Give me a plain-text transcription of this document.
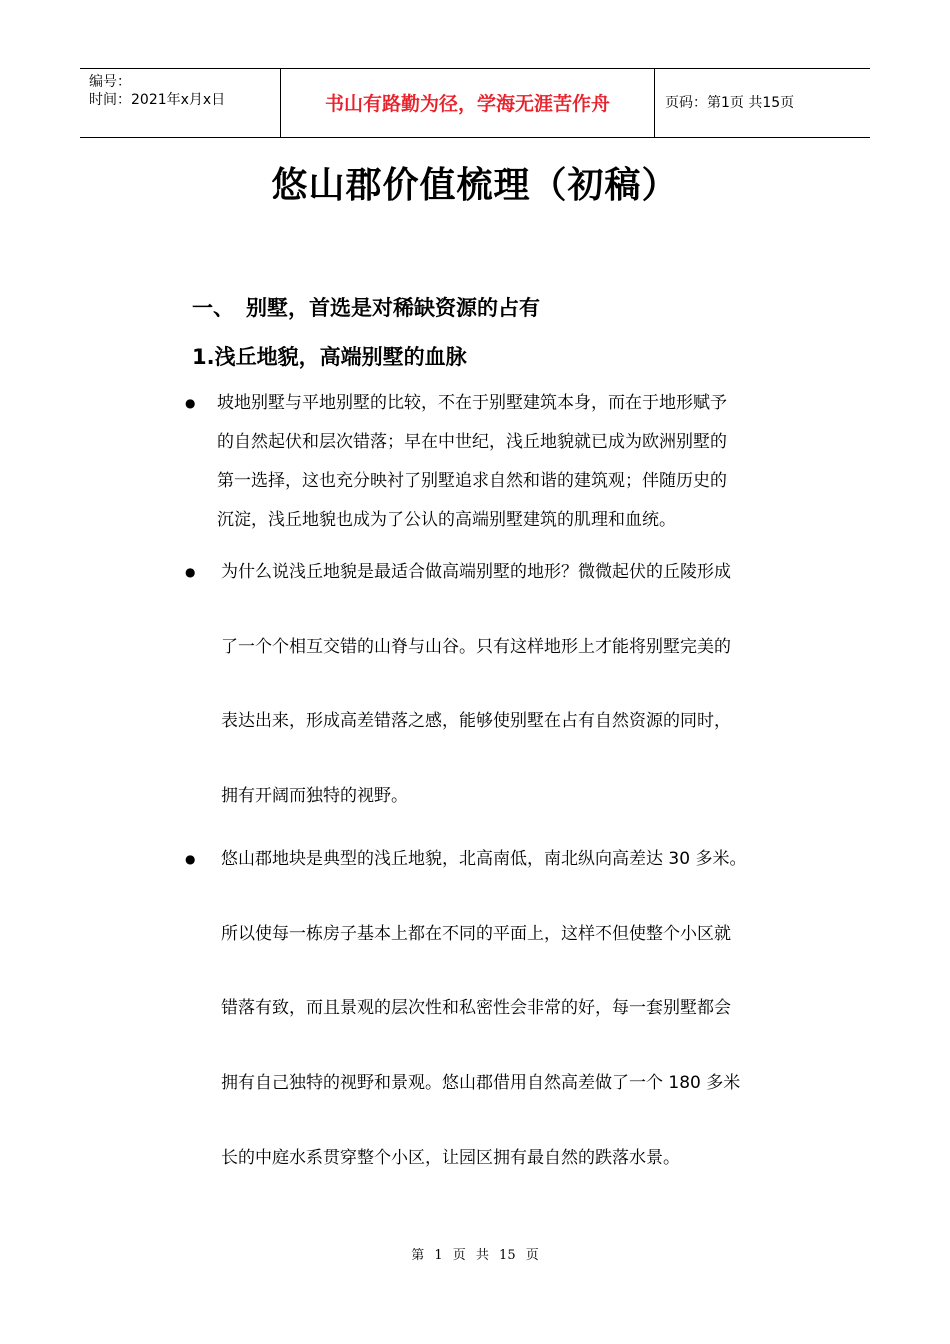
编号：
时间：2021年x月x日	书山有路勤为径，学海无涯苦作舟	页码：第1页 共15页
悠山郡价值梳理（初稿）
一、 别墅，首选是对稀缺资源的占有
1.浅丘地貌，高端别墅的血脉
● 坡地别墅与平地别墅的比较，不在于别墅建筑本身，而在于地形赋予
的自然起伏和层次错落；早在中世纪，浅丘地貌就已成为欧洲别墅的
第一选择，这也充分映衬了别墅追求自然和谐的建筑观；伴随历史的
沉淀，浅丘地貌也成为了公认的高端别墅建筑的肌理和血统。
● 为什么说浅丘地貌是最适合做高端别墅的地形？微微起伏的丘陵形成
了一个个相互交错的山脊与山谷。只有这样地形上才能将别墅完美的
表达出来，形成高差错落之感，能够使别墅在占有自然资源的同时，
拥有开阔而独特的视野。
● 悠山郡地块是典型的浅丘地貌，北高南低，南北纵向高差达 30 多米。
所以使每一栋房子基本上都在不同的平面上，这样不但使整个小区就
错落有致，而且景观的层次性和私密性会非常的好，每一套别墅都会
拥有自己独特的视野和景观。悠山郡借用自然高差做了一个 180 多米
长的中庭水系贯穿整个小区，让园区拥有最自然的跌落水景。
第 1 页 共 15 页
